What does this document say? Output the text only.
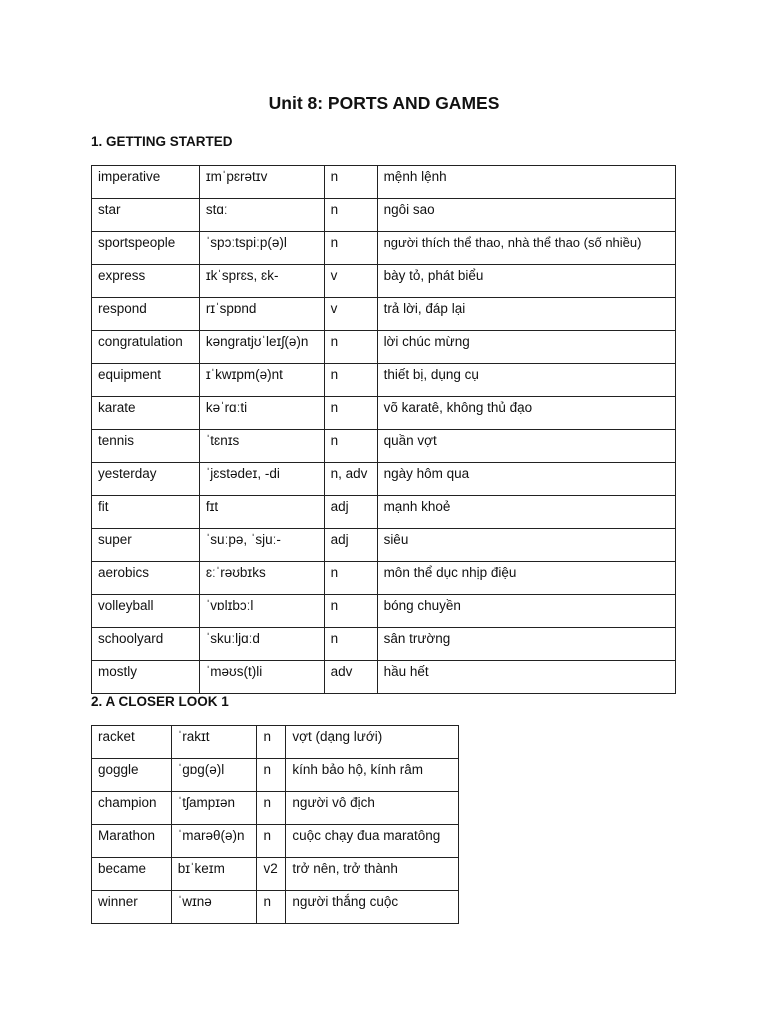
Unit 8: PORTS AND GAMES

1. GETTING STARTED

imperative	ɪmˈpɛrətɪv	n	mệnh lệnh
star	stɑː	n	ngôi sao
sportspeople	ˈspɔːtspiːp(ə)l	n	người thích thể thao, nhà thể thao (số nhiều)
express	ɪkˈsprɛs, ɛk-	v	bày tỏ, phát biểu
respond	rɪˈspɒnd	v	trả lời, đáp lại
congratulation	kənɡratjʊˈleɪʃ(ə)n	n	lời chúc mừng
equipment	ɪˈkwɪpm(ə)nt	n	thiết bị, dụng cụ
karate	kəˈrɑːti	n	võ karatê, không thủ đạo
tennis	ˈtɛnɪs	n	quần vợt
yesterday	ˈjɛstədeɪ, -di	n, adv	ngày hôm qua
fit	fɪt	adj	mạnh khoẻ
super	ˈsuːpə, ˈsjuː-	adj	siêu
aerobics	ɛːˈrəʊbɪks	n	môn thể dục nhịp điệu
volleyball	ˈvɒlɪbɔːl	n	bóng chuyền
schoolyard	ˈskuːljɑːd	n	sân trường
mostly	ˈməʊs(t)li	adv	hầu hết

2. A CLOSER LOOK 1

racket	ˈrakɪt	n	vợt (dạng lưới)
goggle	ˈɡɒɡ(ə)l	n	kính bảo hộ, kính râm
champion	ˈtʃampɪən	n	người vô địch
Marathon	ˈmarəθ(ə)n	n	cuộc chạy đua maratông
became	bɪˈkeɪm	v2	trở nên, trở thành
winner	ˈwɪnə	n	người thắng cuộc
